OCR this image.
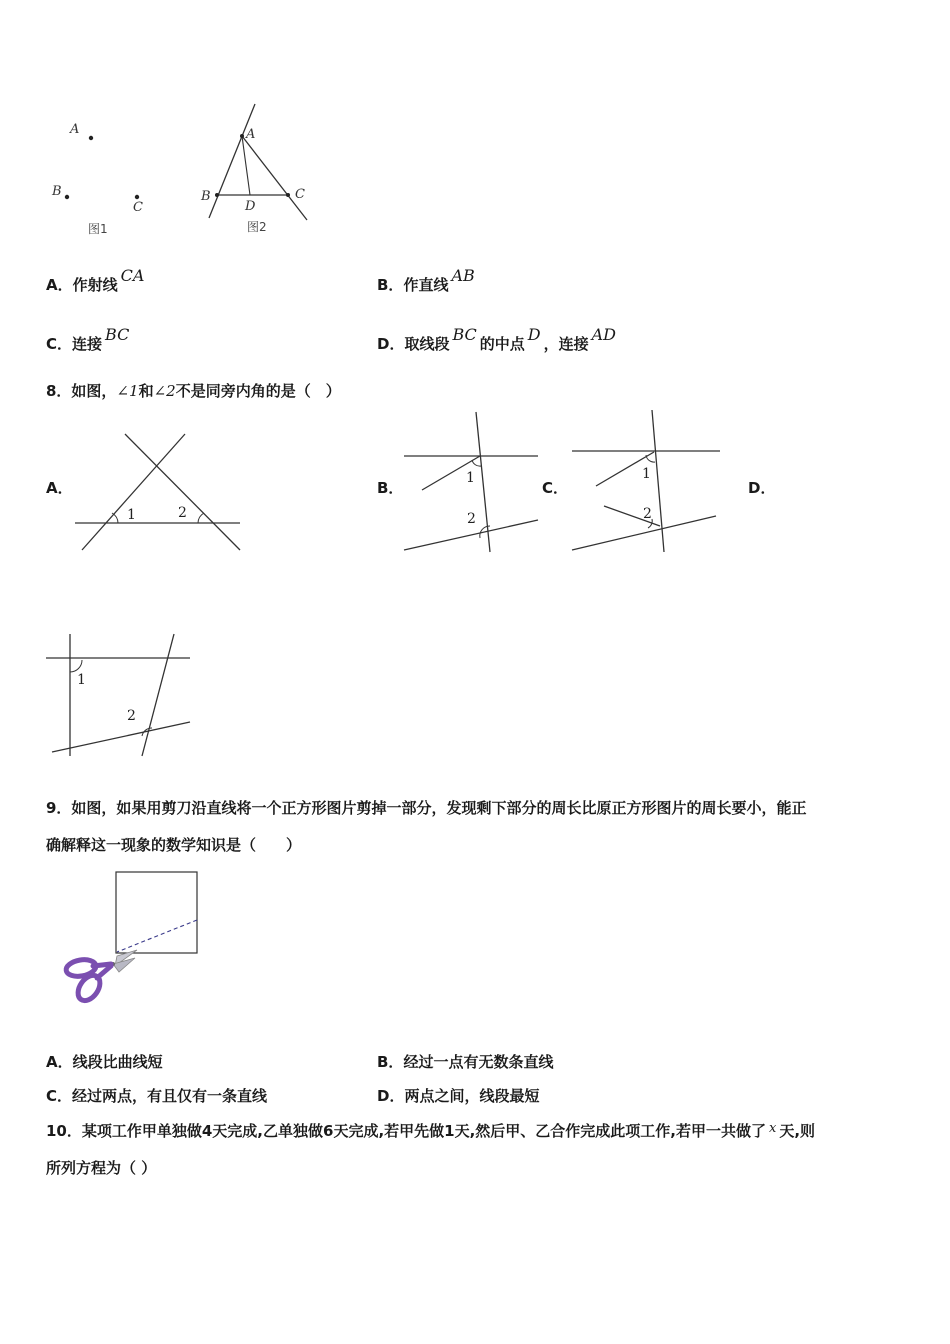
A
B
C
图1
A
B	C
D
图2
A．作射线 CA	B．作直线 AB
C．连接 BC	D．取线段 BC 的中点 D ，连接 AD
8．如图，∠1和∠2不是同旁内角的是（　）
A．	B．	C．	D．
1	2
1
2
1
2
1
2
9．如图，如果用剪刀沿直线将一个正方形图片剪掉一部分，发现剩下部分的周长比原正方形图片的周长要小，能正
确解释这一现象的数学知识是（　　）
A．线段比曲线短	B．经过一点有无数条直线
C．经过两点，有且仅有一条直线	D．两点之间，线段最短
10．某项工作甲单独做4天完成,乙单独做6天完成,若甲先做1天,然后甲、乙合作完成此项工作,若甲一共做了 x 天,则
所列方程为（ ）
